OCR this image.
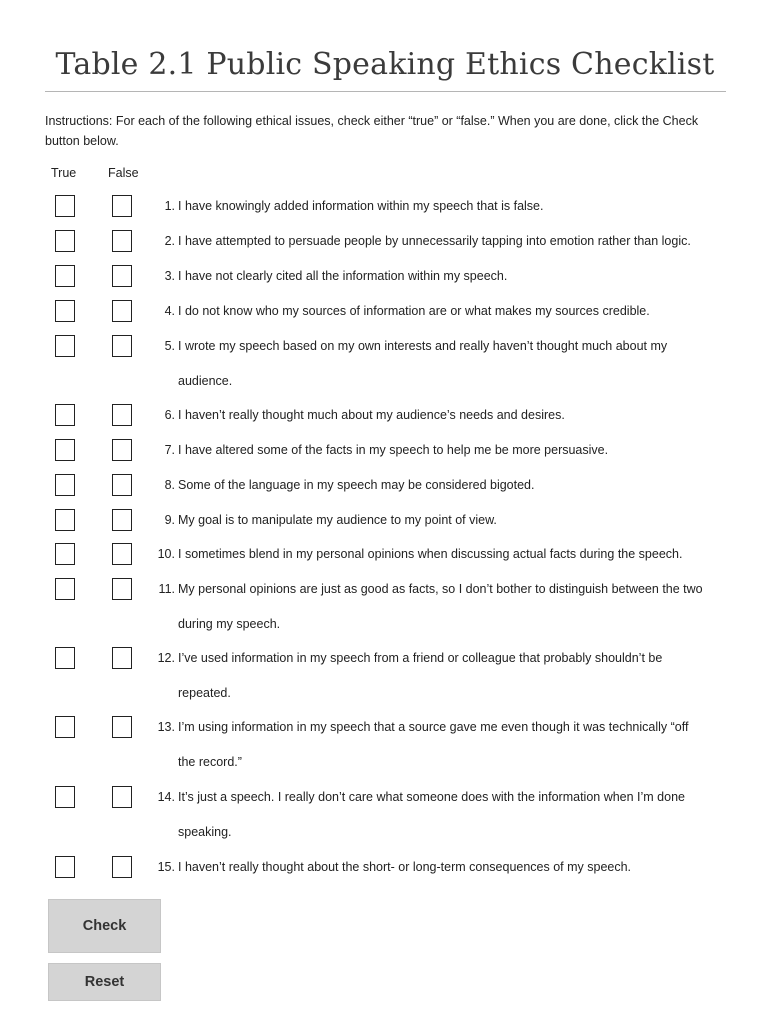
Table 2.1 Public Speaking Ethics Checklist
Instructions: For each of the following ethical issues, check either “true” or “false.” When you are done, click the Check button below.
True	False
1. I have knowingly added information within my speech that is false.
2. I have attempted to persuade people by unnecessarily tapping into emotion rather than logic.
3. I have not clearly cited all the information within my speech.
4. I do not know who my sources of information are or what makes my sources credible.
5. I wrote my speech based on my own interests and really haven’t thought much about my
audience.
6. I haven’t really thought much about my audience’s needs and desires.
7. I have altered some of the facts in my speech to help me be more persuasive.
8. Some of the language in my speech may be considered bigoted.
9. My goal is to manipulate my audience to my point of view.
10. I sometimes blend in my personal opinions when discussing actual facts during the speech.
11. My personal opinions are just as good as facts, so I don’t bother to distinguish between the two
during my speech.
12. I’ve used information in my speech from a friend or colleague that probably shouldn’t be
repeated.
13. I’m using information in my speech that a source gave me even though it was technically “off
the record.”
14. It’s just a speech. I really don’t care what someone does with the information when I’m done
speaking.
15. I haven’t really thought about the short- or long-term consequences of my speech.
Check
Reset
